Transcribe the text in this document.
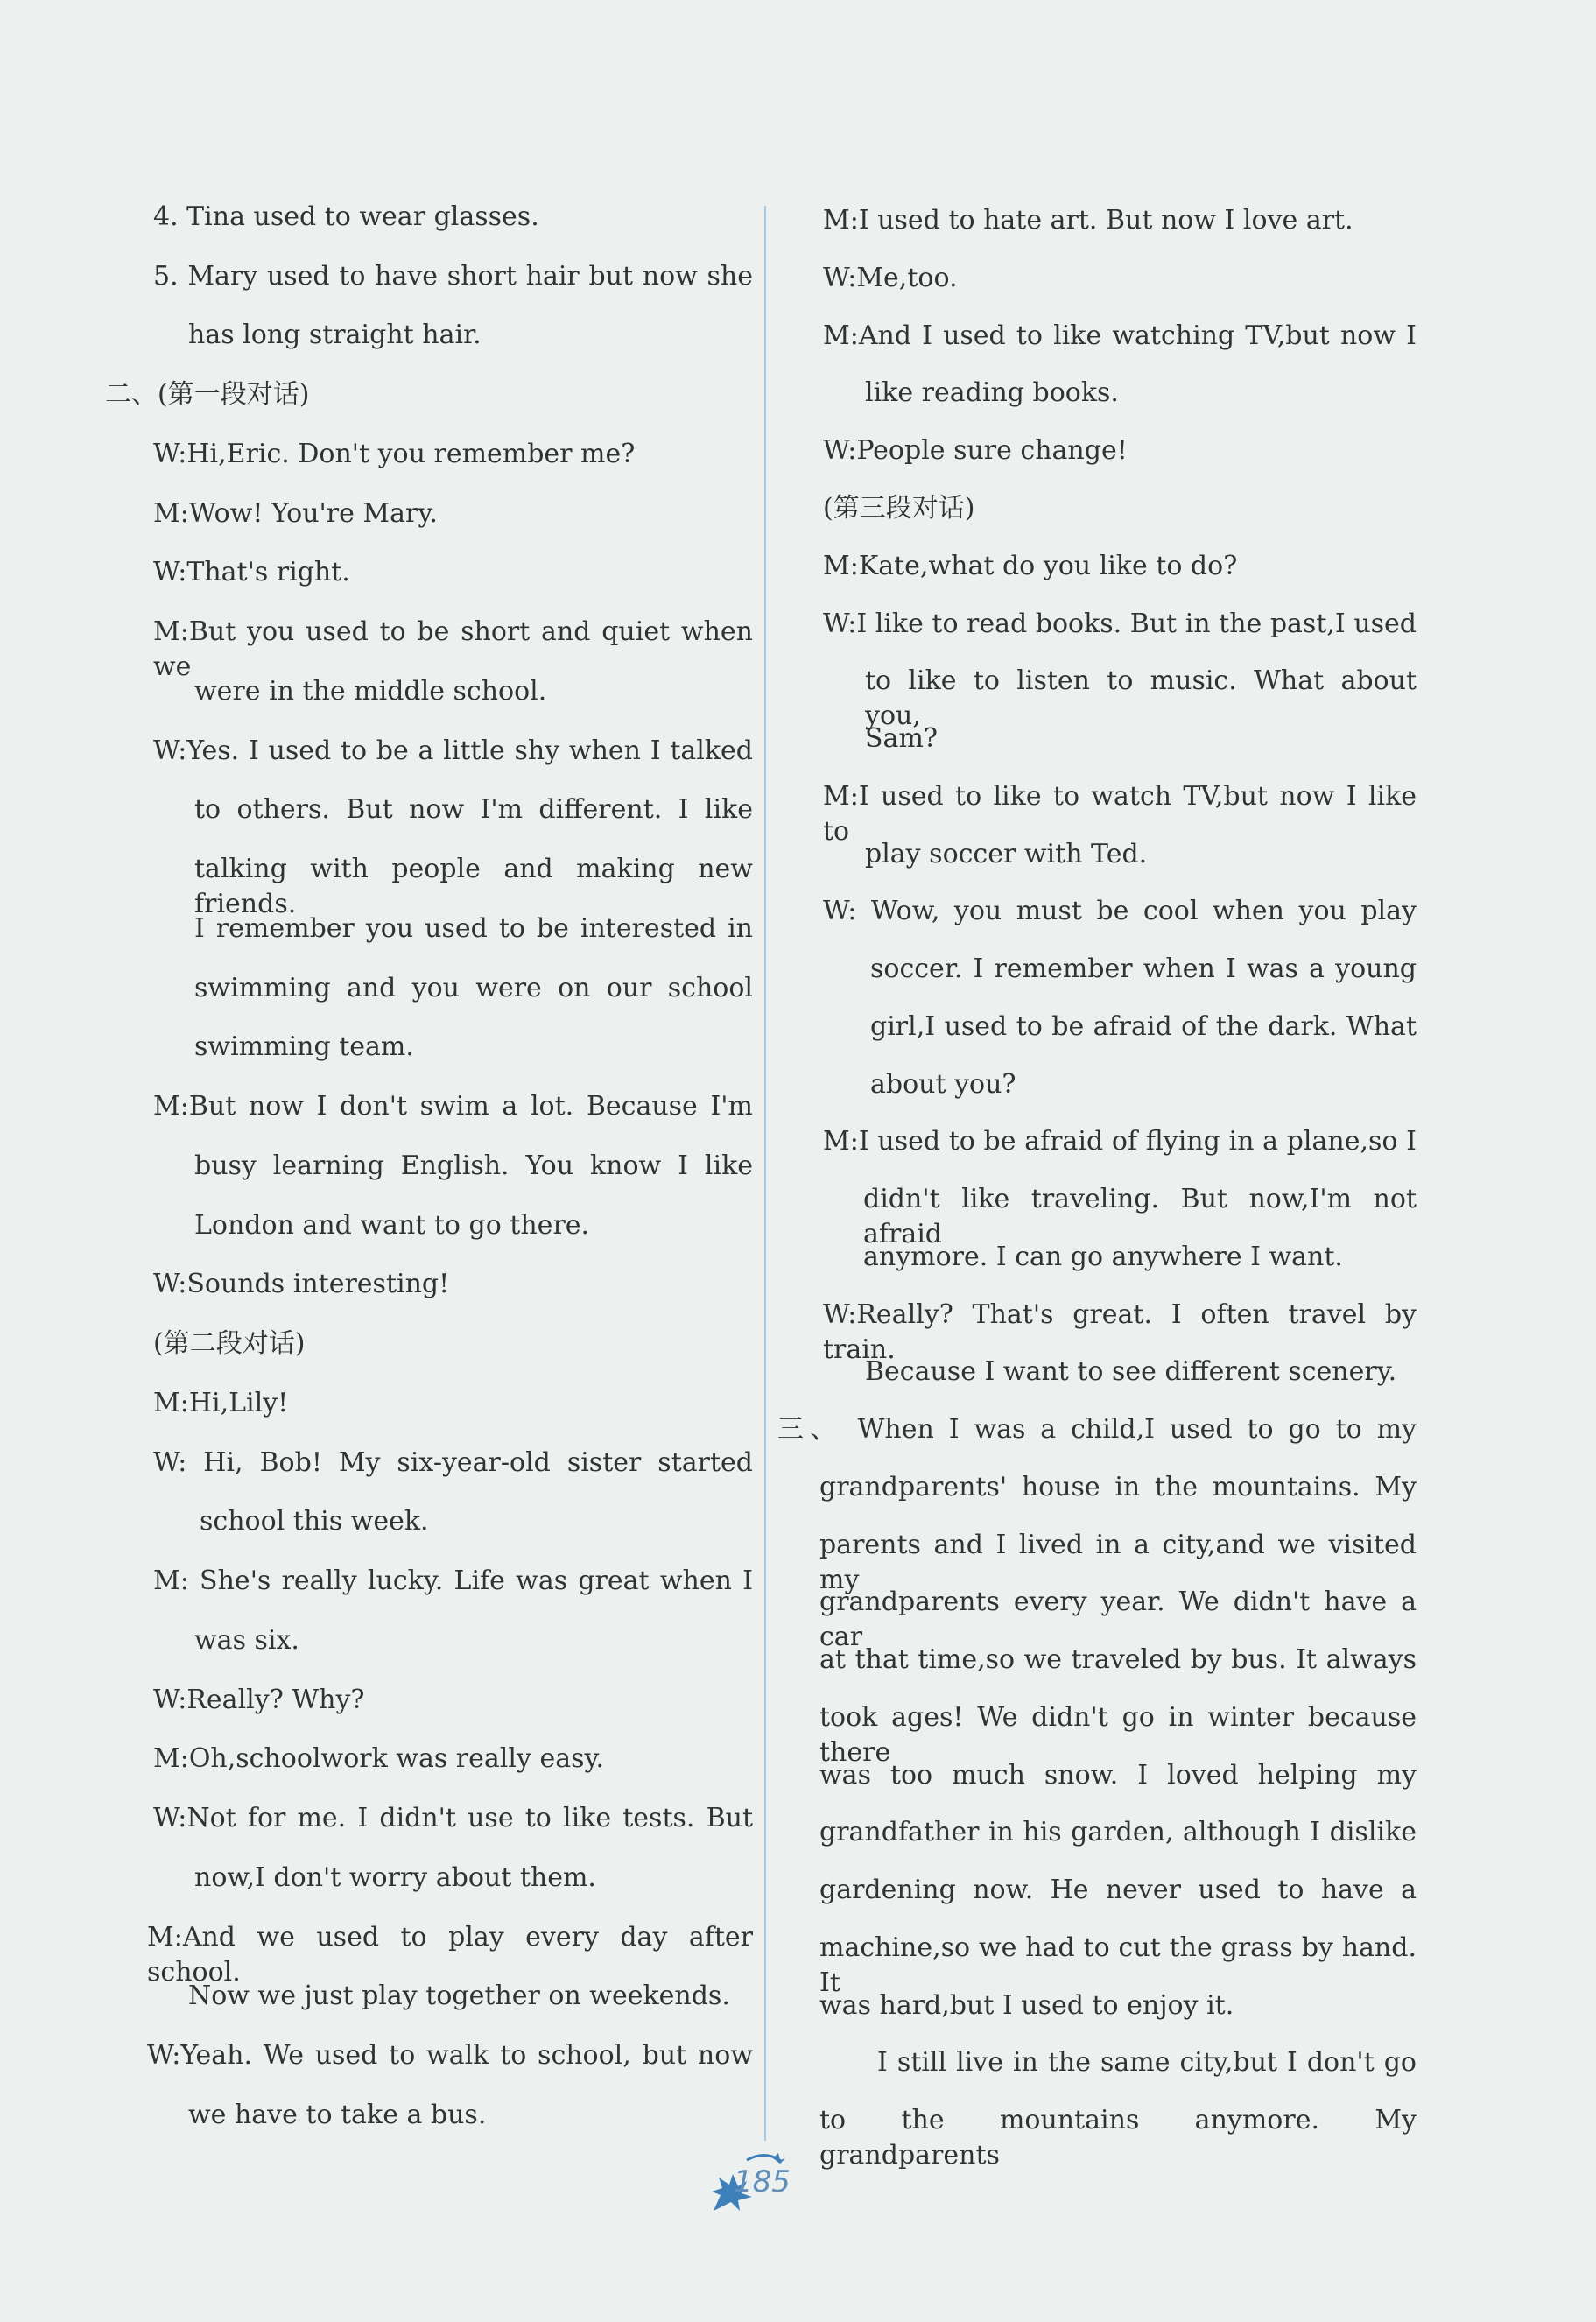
4. Tina used to wear glasses.
5. Mary used to have short hair but now she
has long straight hair.
二、(第一段对话)
W:Hi,Eric. Don't you remember me?
M:Wow! You're Mary.
W:That's right.
M:But you used to be short and quiet when we
were in the middle school.
W:Yes. I used to be a little shy when I talked
to others. But now I'm different. I like
talking with people and making new friends.
I remember you used to be interested in
swimming and you were on our school
swimming team.
M:But now I don't swim a lot. Because I'm
busy learning English. You know I like
London and want to go there.
W:Sounds interesting!
(第二段对话)
M:Hi,Lily!
W: Hi, Bob! My six-year-old sister started
school this week.
M: She's really lucky. Life was great when I
was six.
W:Really? Why?
M:Oh,schoolwork was really easy.
W:Not for me. I didn't use to like tests. But
now,I don't worry about them.
M:And we used to play every day after school.
Now we just play together on weekends.
W:Yeah. We used to walk to school, but now
we have to take a bus.
M:I used to hate art. But now I love art.
W:Me,too.
M:And I used to like watching TV,but now I
like reading books.
W:People sure change!
(第三段对话)
M:Kate,what do you like to do?
W:I like to read books. But in the past,I used
to like to listen to music. What about you,
Sam?
M:I used to like to watch TV,but now I like to
play soccer with Ted.
W: Wow, you must be cool when you play
soccer. I remember when I was a young
girl,I used to be afraid of the dark. What
about you?
M:I used to be afraid of flying in a plane,so I
didn't like traveling. But now,I'm not afraid
anymore. I can go anywhere I want.
W:Really? That's great. I often travel by train.
Because I want to see different scenery.
三、 When I was a child,I used to go to my
grandparents' house in the mountains. My
parents and I lived in a city,and we visited my
grandparents every year. We didn't have a car
at that time,so we traveled by bus. It always
took ages! We didn't go in winter because there
was too much snow. I loved helping my
grandfather in his garden, although I dislike
gardening now. He never used to have a
machine,so we had to cut the grass by hand. It
was hard,but I used to enjoy it.
I still live in the same city,but I don't go
to the mountains anymore. My grandparents
185
